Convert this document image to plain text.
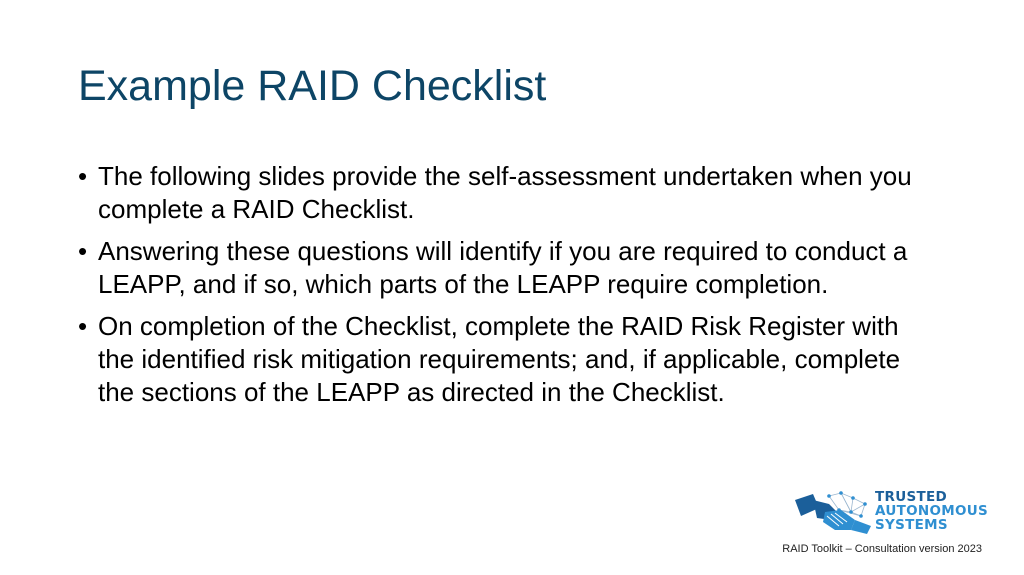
Example RAID Checklist
• The following slides provide the self-assessment undertaken when you complete a RAID Checklist.
• Answering these questions will identify if you are required to conduct a LEAPP, and if so, which parts of the LEAPP require completion.
• On completion of the Checklist, complete the RAID Risk Register with the identified risk mitigation requirements; and, if applicable, complete the sections of the LEAPP as directed in the Checklist.
TRUSTED
AUTONOMOUS
SYSTEMS
RAID Toolkit – Consultation version 2023
